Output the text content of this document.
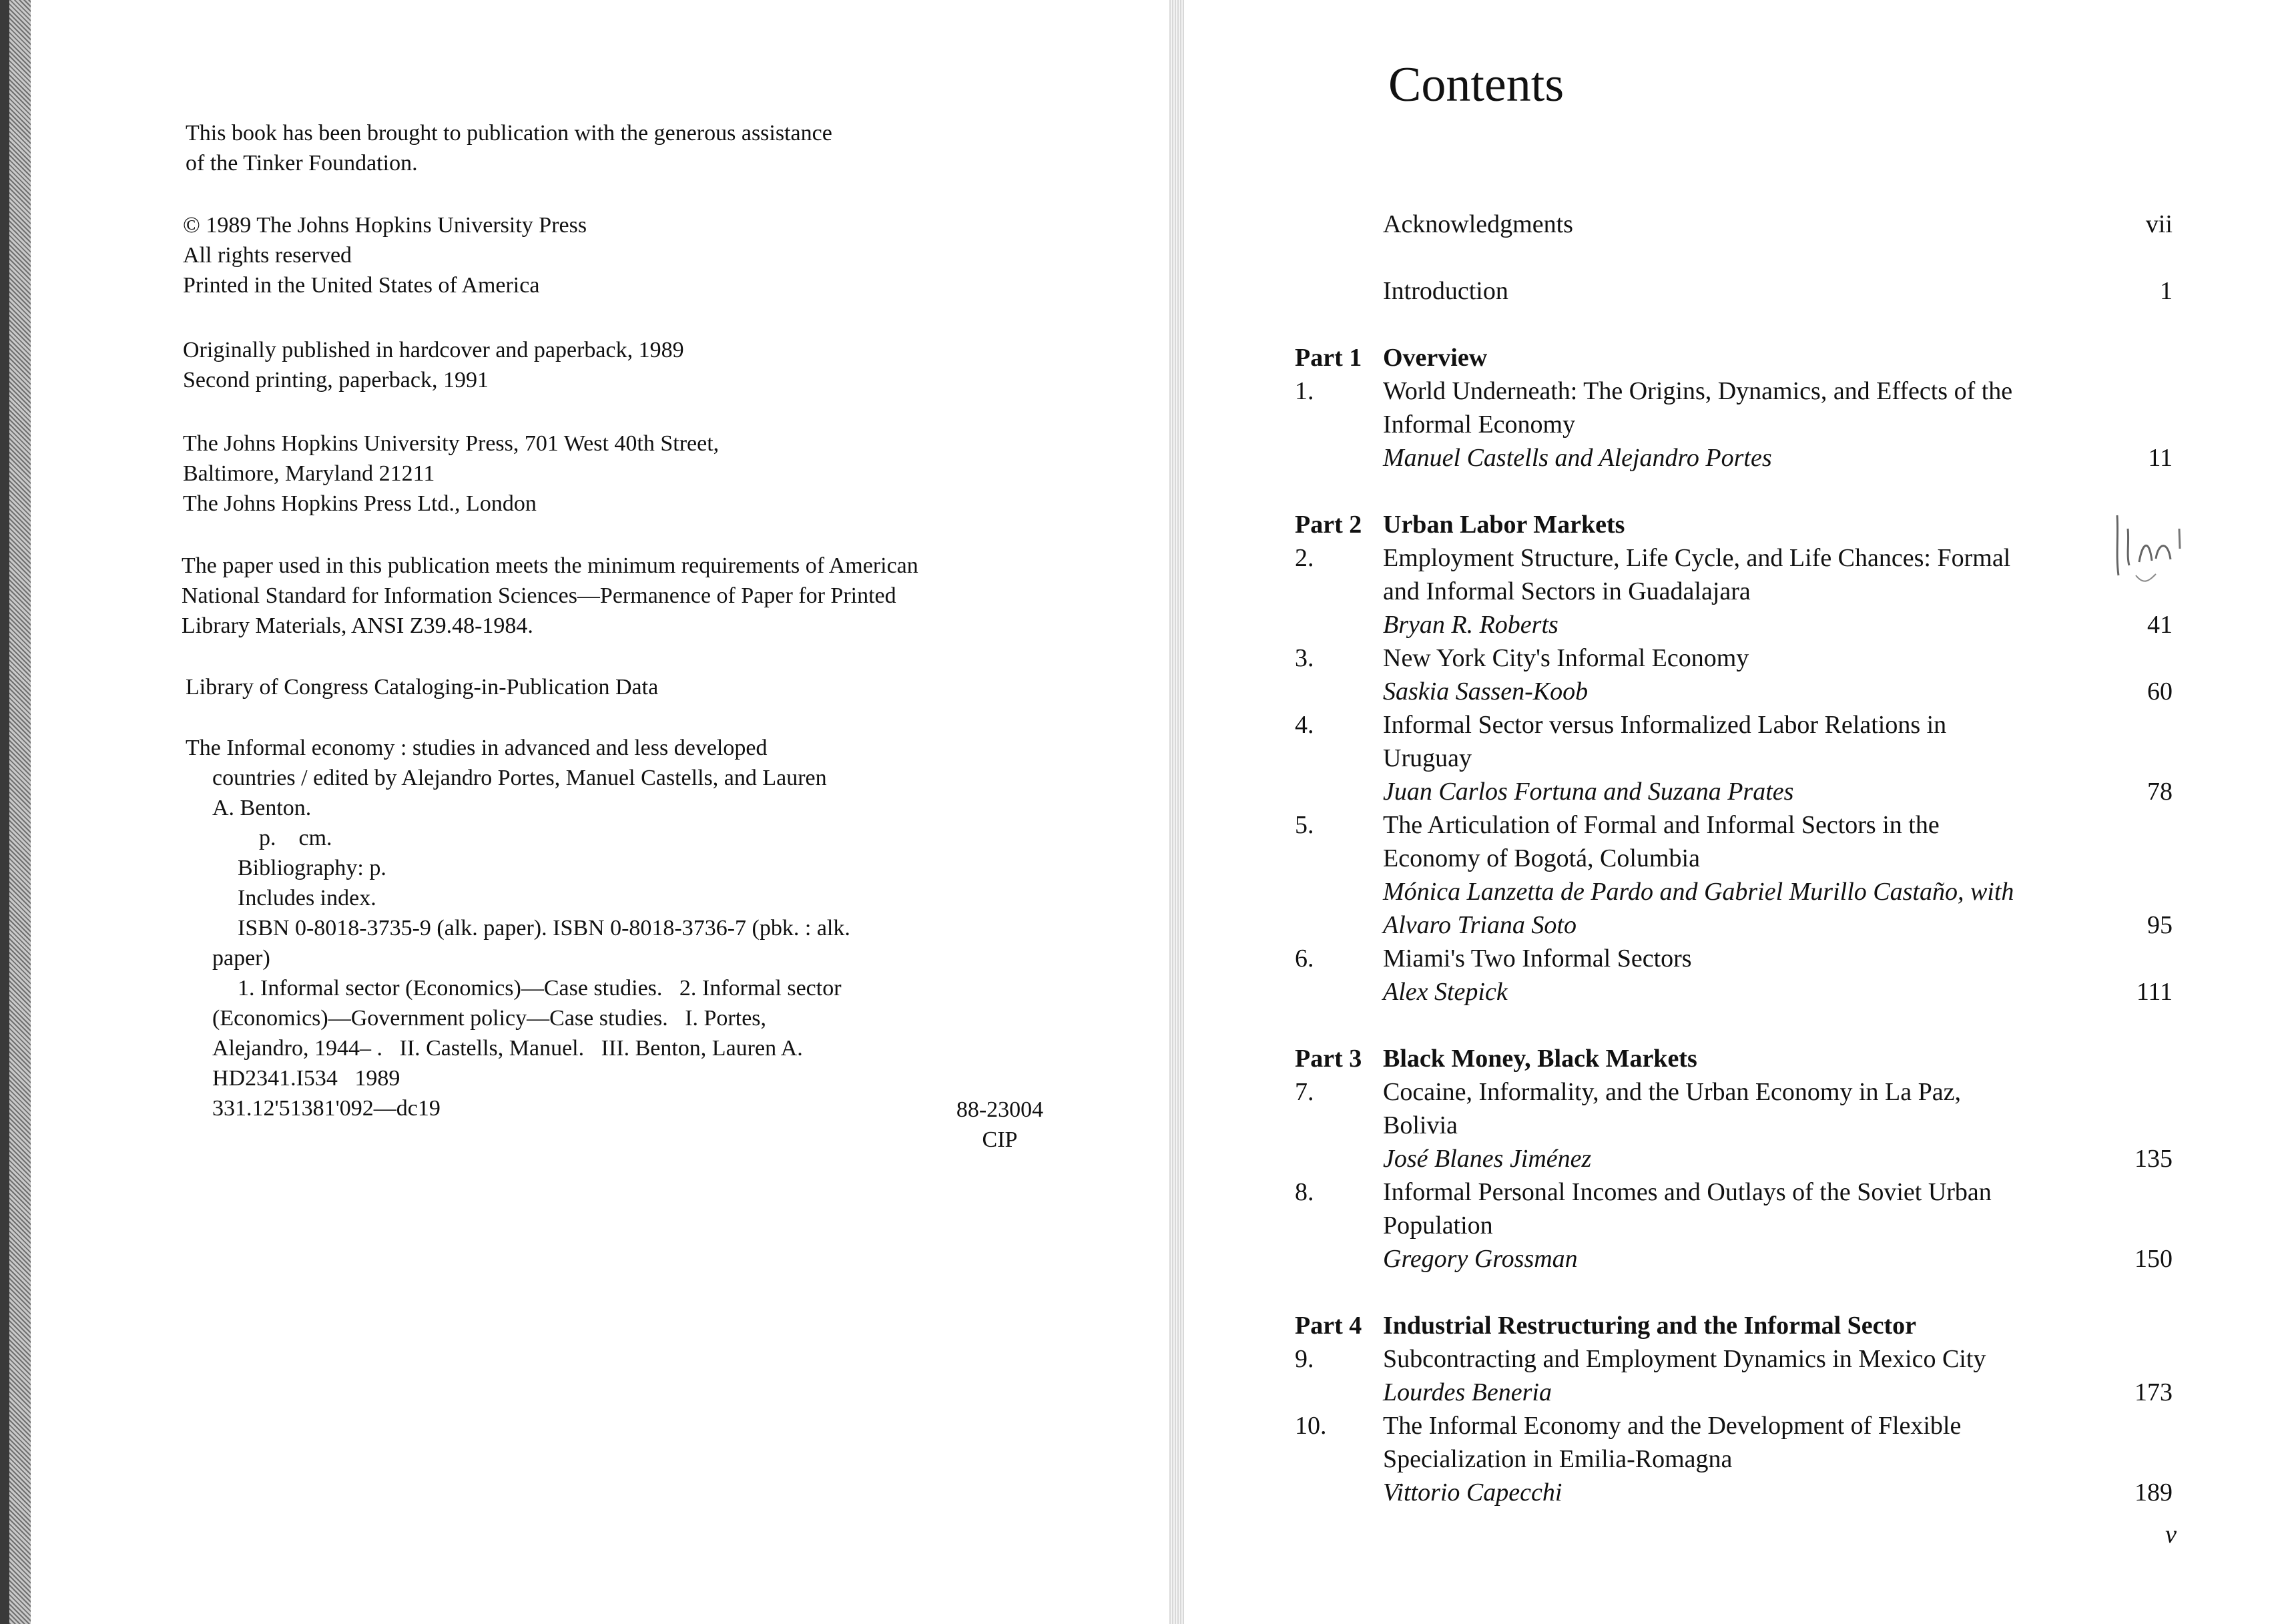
This book has been brought to publication with the generous assistance

of the Tinker Foundation.

© 1989 The Johns Hopkins University Press

All rights reserved

Printed in the United States of America

Originally published in hardcover and paperback, 1989

Second printing, paperback, 1991

The Johns Hopkins University Press, 701 West 40th Street,

Baltimore, Maryland 21211

The Johns Hopkins Press Ltd., London

The paper used in this publication meets the minimum requirements of American

National Standard for Information Sciences—Permanence of Paper for Printed

Library Materials, ANSI Z39.48-1984.

Library of Congress Cataloging-in-Publication Data

The Informal economy : studies in advanced and less developed

countries / edited by Alejandro Portes, Manuel Castells, and Lauren

A. Benton.

p.    cm.

Bibliography: p.

Includes index.

ISBN 0-8018-3735-9 (alk. paper). ISBN 0-8018-3736-7 (pbk. : alk.

paper)

1. Informal sector (Economics)—Case studies.   2. Informal sector

(Economics)—Government policy—Case studies.   I. Portes,

Alejandro, 1944– .   II. Castells, Manuel.   III. Benton, Lauren A.

HD2341.I534   1989

331.12'51381'092—dc19	88-23004
CIP
Contents
Acknowledgments	vii
Introduction	1
Part 1 Overview
1.	World Underneath: The Origins, Dynamics, and Effects of the
Informal Economy
Manuel Castells and Alejandro Portes	11
Part 2 Urban Labor Markets
2.	Employment Structure, Life Cycle, and Life Chances: Formal
and Informal Sectors in Guadalajara
Bryan R. Roberts	41
3.	New York City's Informal Economy
Saskia Sassen-Koob	60
4.	Informal Sector versus Informalized Labor Relations in
Uruguay
Juan Carlos Fortuna and Suzana Prates	78
5.	The Articulation of Formal and Informal Sectors in the
Economy of Bogotá, Columbia
Mónica Lanzetta de Pardo and Gabriel Murillo Castaño, with
Alvaro Triana Soto	95
6.	Miami's Two Informal Sectors
Alex Stepick	111
Part 3 Black Money, Black Markets
7.	Cocaine, Informality, and the Urban Economy in La Paz,
Bolivia
José Blanes Jiménez	135
8.	Informal Personal Incomes and Outlays of the Soviet Urban
Population
Gregory Grossman	150
Part 4 Industrial Restructuring and the Informal Sector
9.	Subcontracting and Employment Dynamics in Mexico City
Lourdes Beneria	173
10. The Informal Economy and the Development of Flexible
Specialization in Emilia-Romagna
Vittorio Capecchi	189
v
